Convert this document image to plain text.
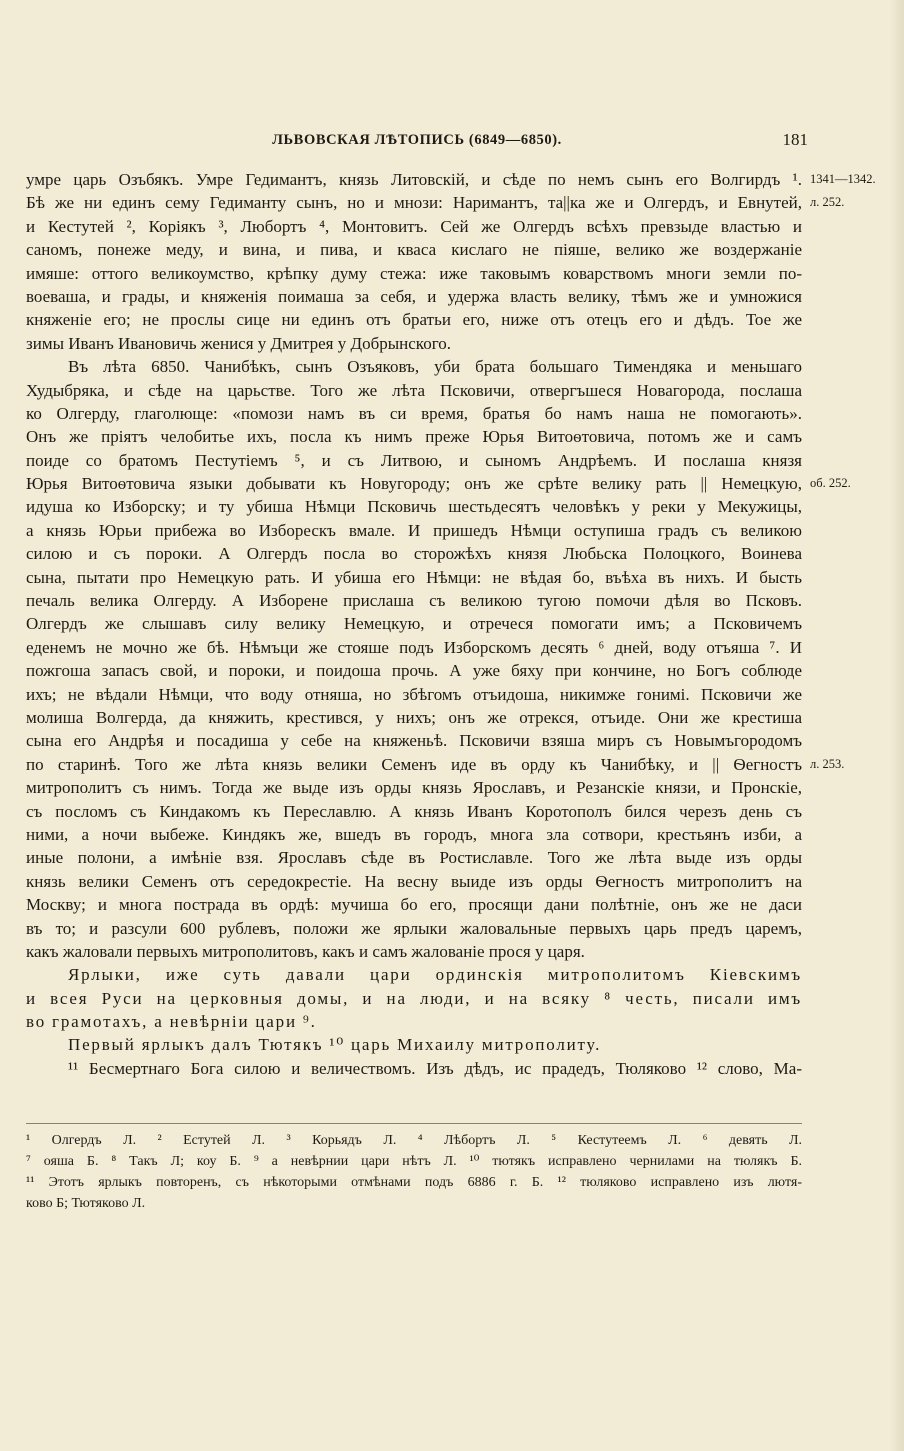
ЛЬВОВСКАЯ ЛѢТОПИСЬ (6849—6850).	181
умре царь Озъбякъ. Умре Гедимантъ, князь Литовскій, и сѣде по немъ сынъ его Волгирдъ ¹.
Бѣ же ни единъ сему Гедиманту сынъ, но и мнози: Наримантъ, та||ка же и Олгердъ, и Евнутей,
и Кестутей ², Коріякъ ³, Любортъ ⁴, Монтовитъ. Сей же Олгердъ всѣхъ превзыде властью и
саномъ, понеже меду, и вина, и пива, и кваса кислаго не піяше, велико же воздержаніе
имяше: оттого великоумство, крѣпку думу стежа: иже таковымъ коварствомъ многи земли по-
воеваша, и грады, и княженія поимаша за себя, и удержа власть велику, тѣмъ же и умножися
княженіе его; не прослы сице ни единъ отъ братьи его, ниже отъ отецъ его и дѣдъ. Тое же
зимы Иванъ Ивановичь женися у Дмитрея у Добрынского.
Въ лѣта 6850. Чанибѣкъ, сынъ Озъяковъ, уби брата большаго Тимендяка и меньшаго
Худыбряка, и сѣде на царьстве. Того же лѣта Псковичи, отвергъшеся Новагорода, послаша
ко Олгерду, глаголюще: «помози намъ въ си время, братья бо намъ наша не помогають».
Онъ же пріятъ челобитье ихъ, посла къ нимъ преже Юрья Витоѳтовича, потомъ же и самъ
поиде со братомъ Пестутіемъ ⁵, и съ Литвою, и сыномъ Андрѣемъ. И послаша князя
Юрья Витоѳтовича языки добывати къ Новугороду; онъ же срѣте велику рать || Немецкую,
идуша ко Изборску; и ту убиша Нѣмци Псковичь шестьдесятъ человѣкъ у реки у Мекужицы,
а князь Юрьи прибежа во Изборескъ вмале. И пришедъ Нѣмци оступиша градъ съ великою
силою и съ пороки. А Олгердъ посла во сторожѣхъ князя Любьска Полоцкого, Воинева
сына, пытати про Немецкую рать. И убиша его Нѣмци: не вѣдая бо, въѣха въ нихъ. И бысть
печаль велика Олгерду. А Изборене прислаша съ великою тугою помочи дѣля во Псковъ.
Олгердъ же слышавъ силу велику Немецкую, и отречеся помогати имъ; а Псковичемъ
еденемъ не мочно же бѣ. Нѣмъци же стояше подъ Изборскомъ десять ⁶ дней, воду отъяша ⁷. И
пожгоша запасъ свой, и пороки, и поидоша прочь. А уже бяху при кончине, но Богъ соблюде
ихъ; не вѣдали Нѣмци, что воду отняша, но збѣгомъ отъидоша, никимже гонимі. Псковичи же
молиша Волгерда, да княжить, крестився, у нихъ; онъ же отрекся, отъиде. Они же крестиша
сына его Андрѣя и посадиша у себе на княженьѣ. Псковичи взяша миръ съ Новымъгородомъ
по старинѣ. Того же лѣта князь велики Семенъ иде въ орду къ Чанибѣку, и || Ѳегностъ
митрополитъ съ нимъ. Тогда же выде изъ орды князь Ярославъ, и Резанскіе князи, и Пронскіе,
съ посломъ съ Киндакомъ къ Переславлю. А князь Иванъ Коротополъ бился черезъ день съ
ними, а ночи выбеже. Киндякъ же, вшедъ въ городъ, многа зла сотвори, крестьянъ изби, а
иные полони, а имѣніе взя. Ярославъ сѣде въ Ростиславле. Того же лѣта выде изъ орды
князь велики Семенъ отъ середокрестіе. На весну выиде изъ орды Ѳегностъ митрополитъ на
Москву; и многа пострада въ ордѣ: мучиша бо его, просящи дани полѣтніе, онъ же не даси
въ то; и разсули 600 рублевъ, положи же ярлыки жаловальные первыхъ царь предъ царемъ,
какъ жаловали первыхъ митрополитовъ, какъ и самъ жалованіе прося у царя.
Ярлыки, иже суть давали цари ординскія митрополитомъ Кіевскимъ
и всея Руси на церковныя домы, и на люди, и на всяку ⁸ честь, писали имъ
во грамотахъ, а невѣрніи цари ⁹.
Первый ярлыкъ далъ Тютякъ ¹⁰ царь Михаилу митрополиту.
¹¹ Бесмертнаго Бога силою и величествомъ. Изъ дѣдъ, ис прадедъ, Тюляково ¹² слово, Ма-
1341—1342.
л. 252.
об. 252.
л. 253.
¹ Олгердъ Л. ² Естутей Л. ³ Корьядъ Л. ⁴ Лѣбортъ Л. ⁵ Кестутеемъ Л. ⁶ девять Л.
⁷ ояша Б. ⁸ Такъ Л; коу Б. ⁹ а невѣрнии цари нѣтъ Л. ¹⁰ тютякъ исправлено чернилами на тюлякъ Б.
¹¹ Этотъ ярлыкъ повторенъ, съ нѣкоторыми отмѣнами подъ 6886 г. Б. ¹² тюляково исправлено изъ лютя-
ково Б; Тютяково Л.
